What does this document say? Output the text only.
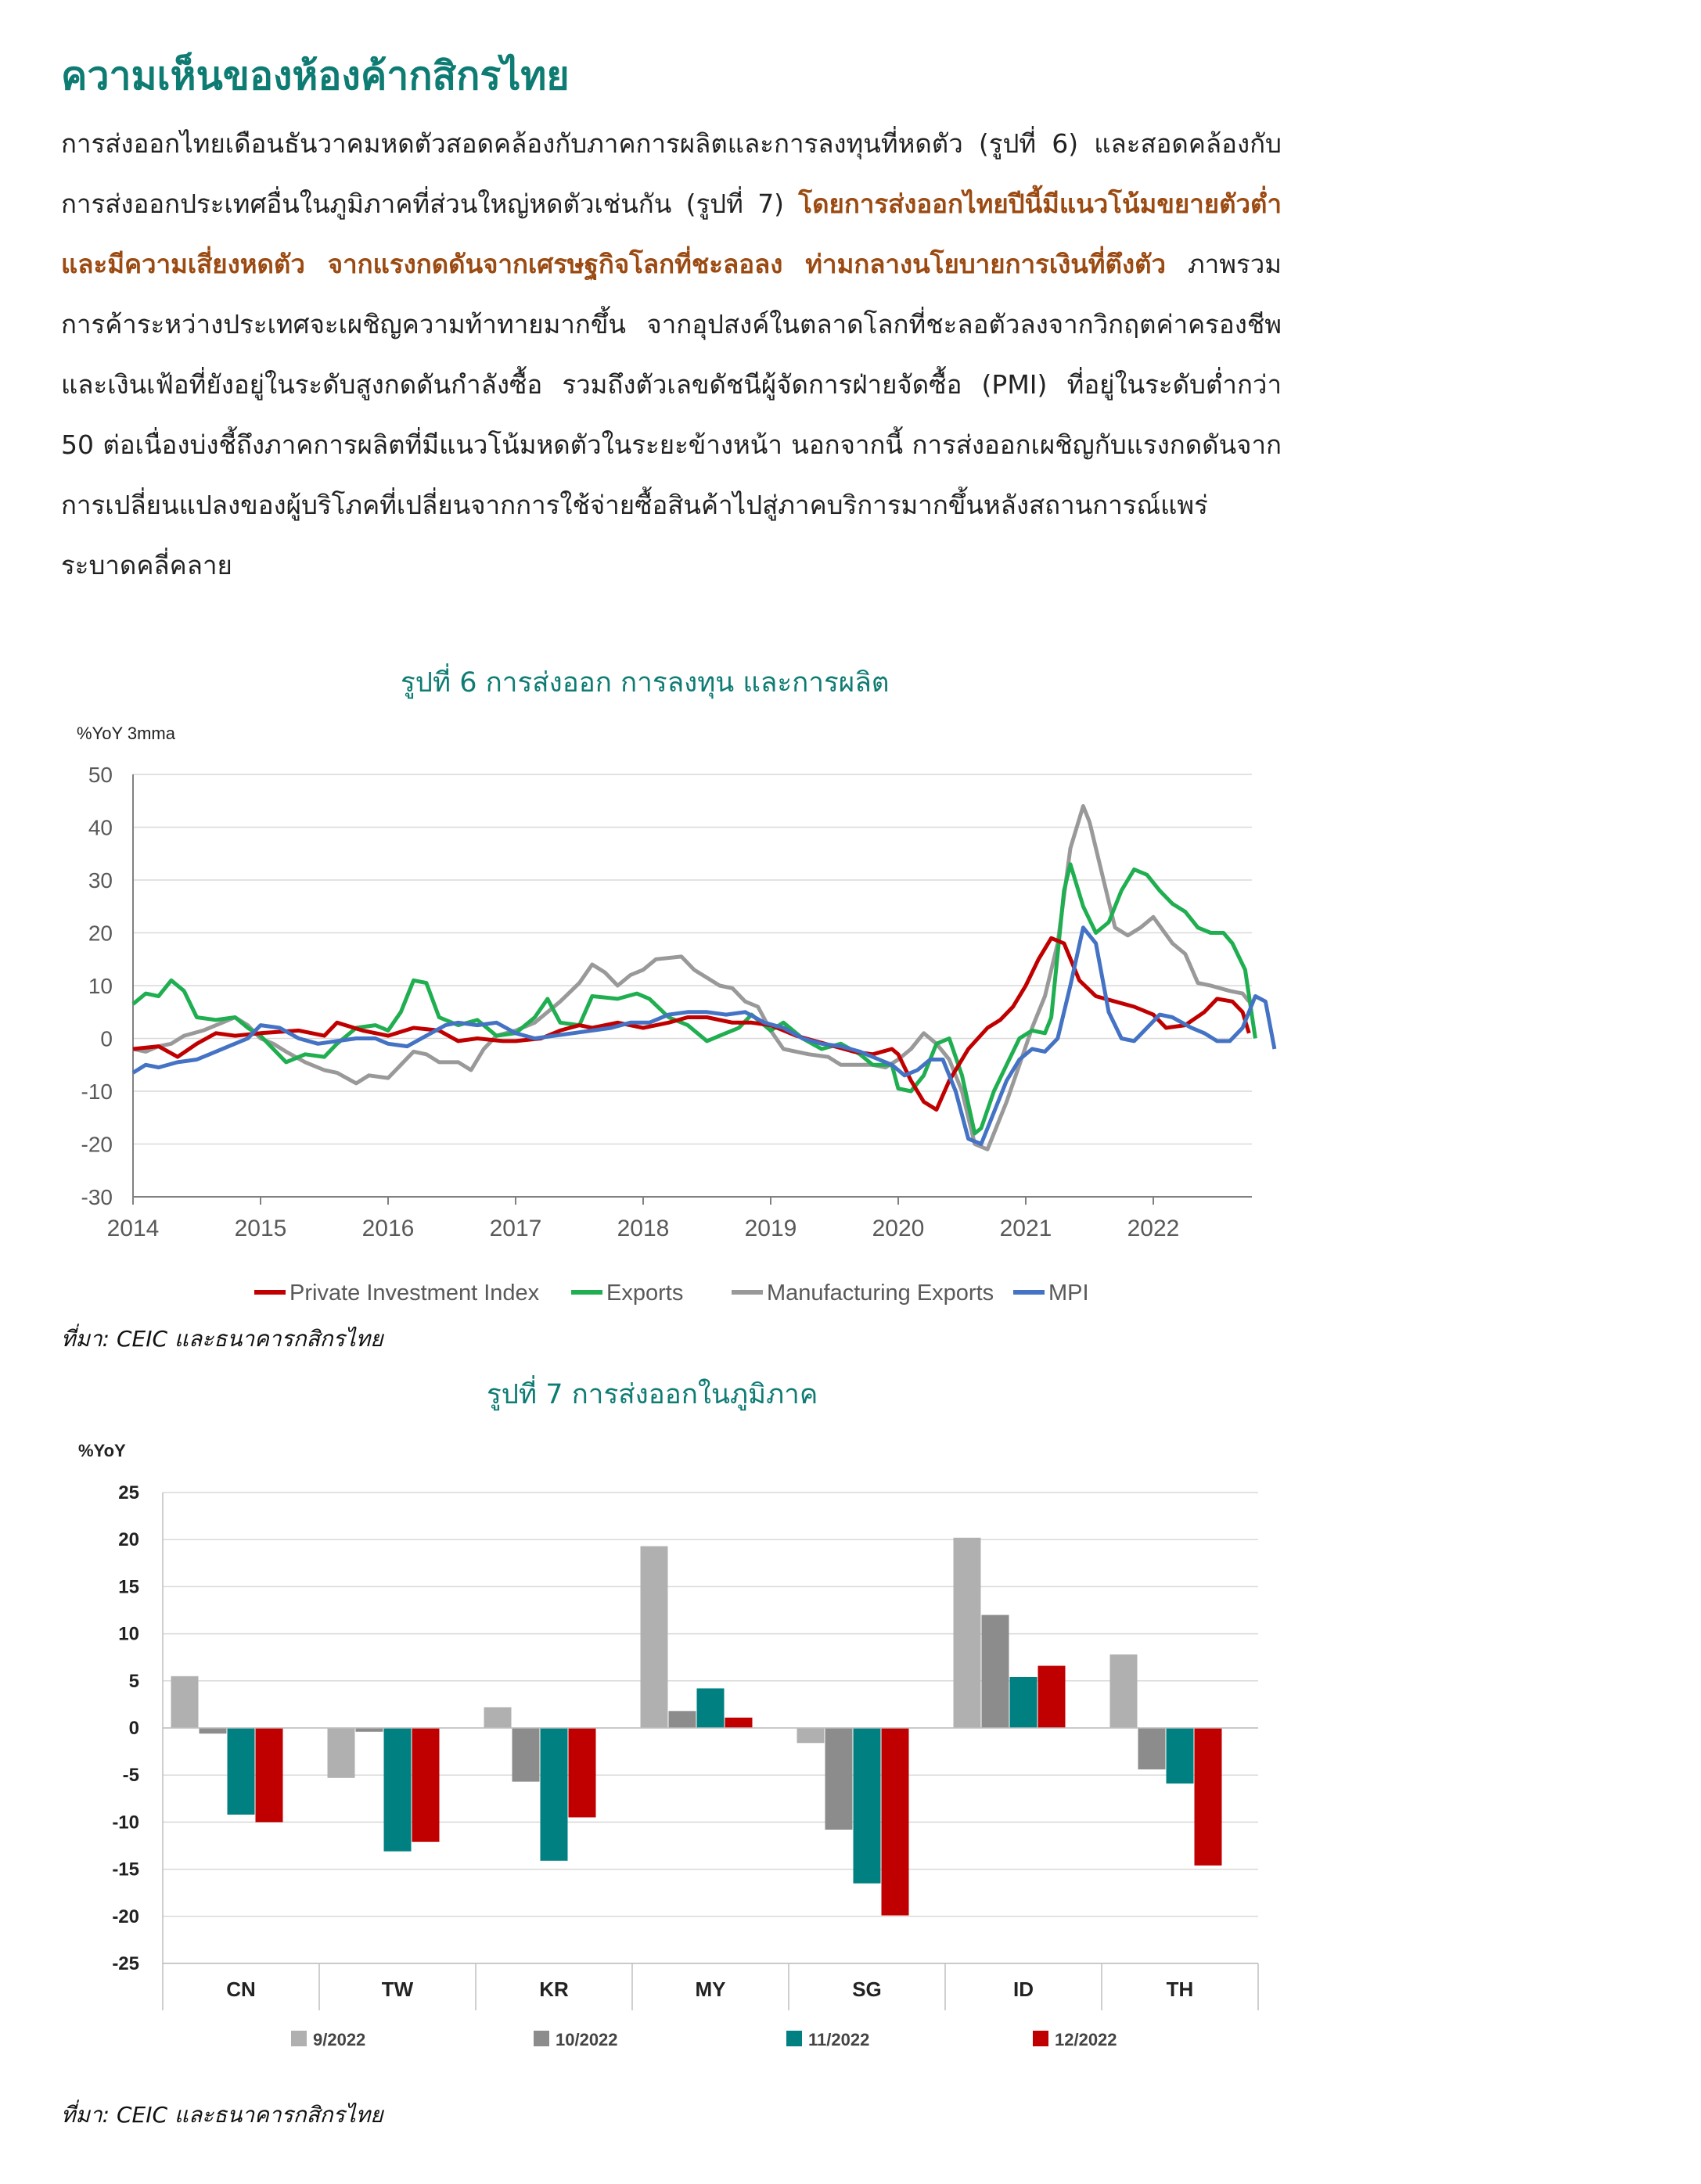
ความเห็นของห้องค้ากสิกรไทย

การส่งออกไทยเดือนธันวาคมหดตัวสอดคล้องกับภาคการผลิตและการลงทุนที่หดตัว (รูปที่ 6) และสอดคล้องกับการส่งออกประเทศอื่นในภูมิภาคที่ส่วนใหญ่หดตัวเช่นกัน (รูปที่ 7) โดยการส่งออกไทยปีนี้มีแนวโน้มขยายตัวต่ำ และมีความเสี่ยงหดตัว จากแรงกดดันจากเศรษฐกิจโลกที่ชะลอลง ท่ามกลางนโยบายการเงินที่ตึงตัว ภาพรวมการค้าระหว่างประเทศจะเผชิญความท้าทายมากขึ้น จากอุปสงค์ในตลาดโลกที่ชะลอตัวลงจากวิกฤตค่าครองชีพและเงินเฟ้อที่ยังอยู่ในระดับสูงกดดันกำลังซื้อ รวมถึงตัวเลขดัชนีผู้จัดการฝ่ายจัดซื้อ (PMI) ที่อยู่ในระดับต่ำกว่า 50 ต่อเนื่องบ่งชี้ถึงภาคการผลิตที่มีแนวโน้มหดตัวในระยะข้างหน้า นอกจากนี้ การส่งออกเผชิญกับแรงกดดันจากการเปลี่ยนแปลงของผู้บริโภคที่เปลี่ยนจากการใช้จ่ายซื้อสินค้าไปสู่ภาคบริการมากขึ้นหลังสถานการณ์แพร่ระบาดคลี่คลาย

รูปที่ 6 การส่งออก การลงทุน และการผลิต
%YoY 3mma
-30
-20
-10
0
10
20
30
40
50
2014	2015	2016	2017	2018	2019	2020	2021	2022
Private Investment Index	Exports	Manufacturing Exports MPI
ที่มา: CEIC และธนาคารกสิกรไทย
รูปที่ 7 การส่งออกในภูมิภาค
%YoY
-25
-20
-15
-10
-5
0
5
10
15
20
25
CN	TW	KR	MY	SG	ID	TH
9/2022	10/2022	11/2022	12/2022
ที่มา: CEIC และธนาคารกสิกรไทย
